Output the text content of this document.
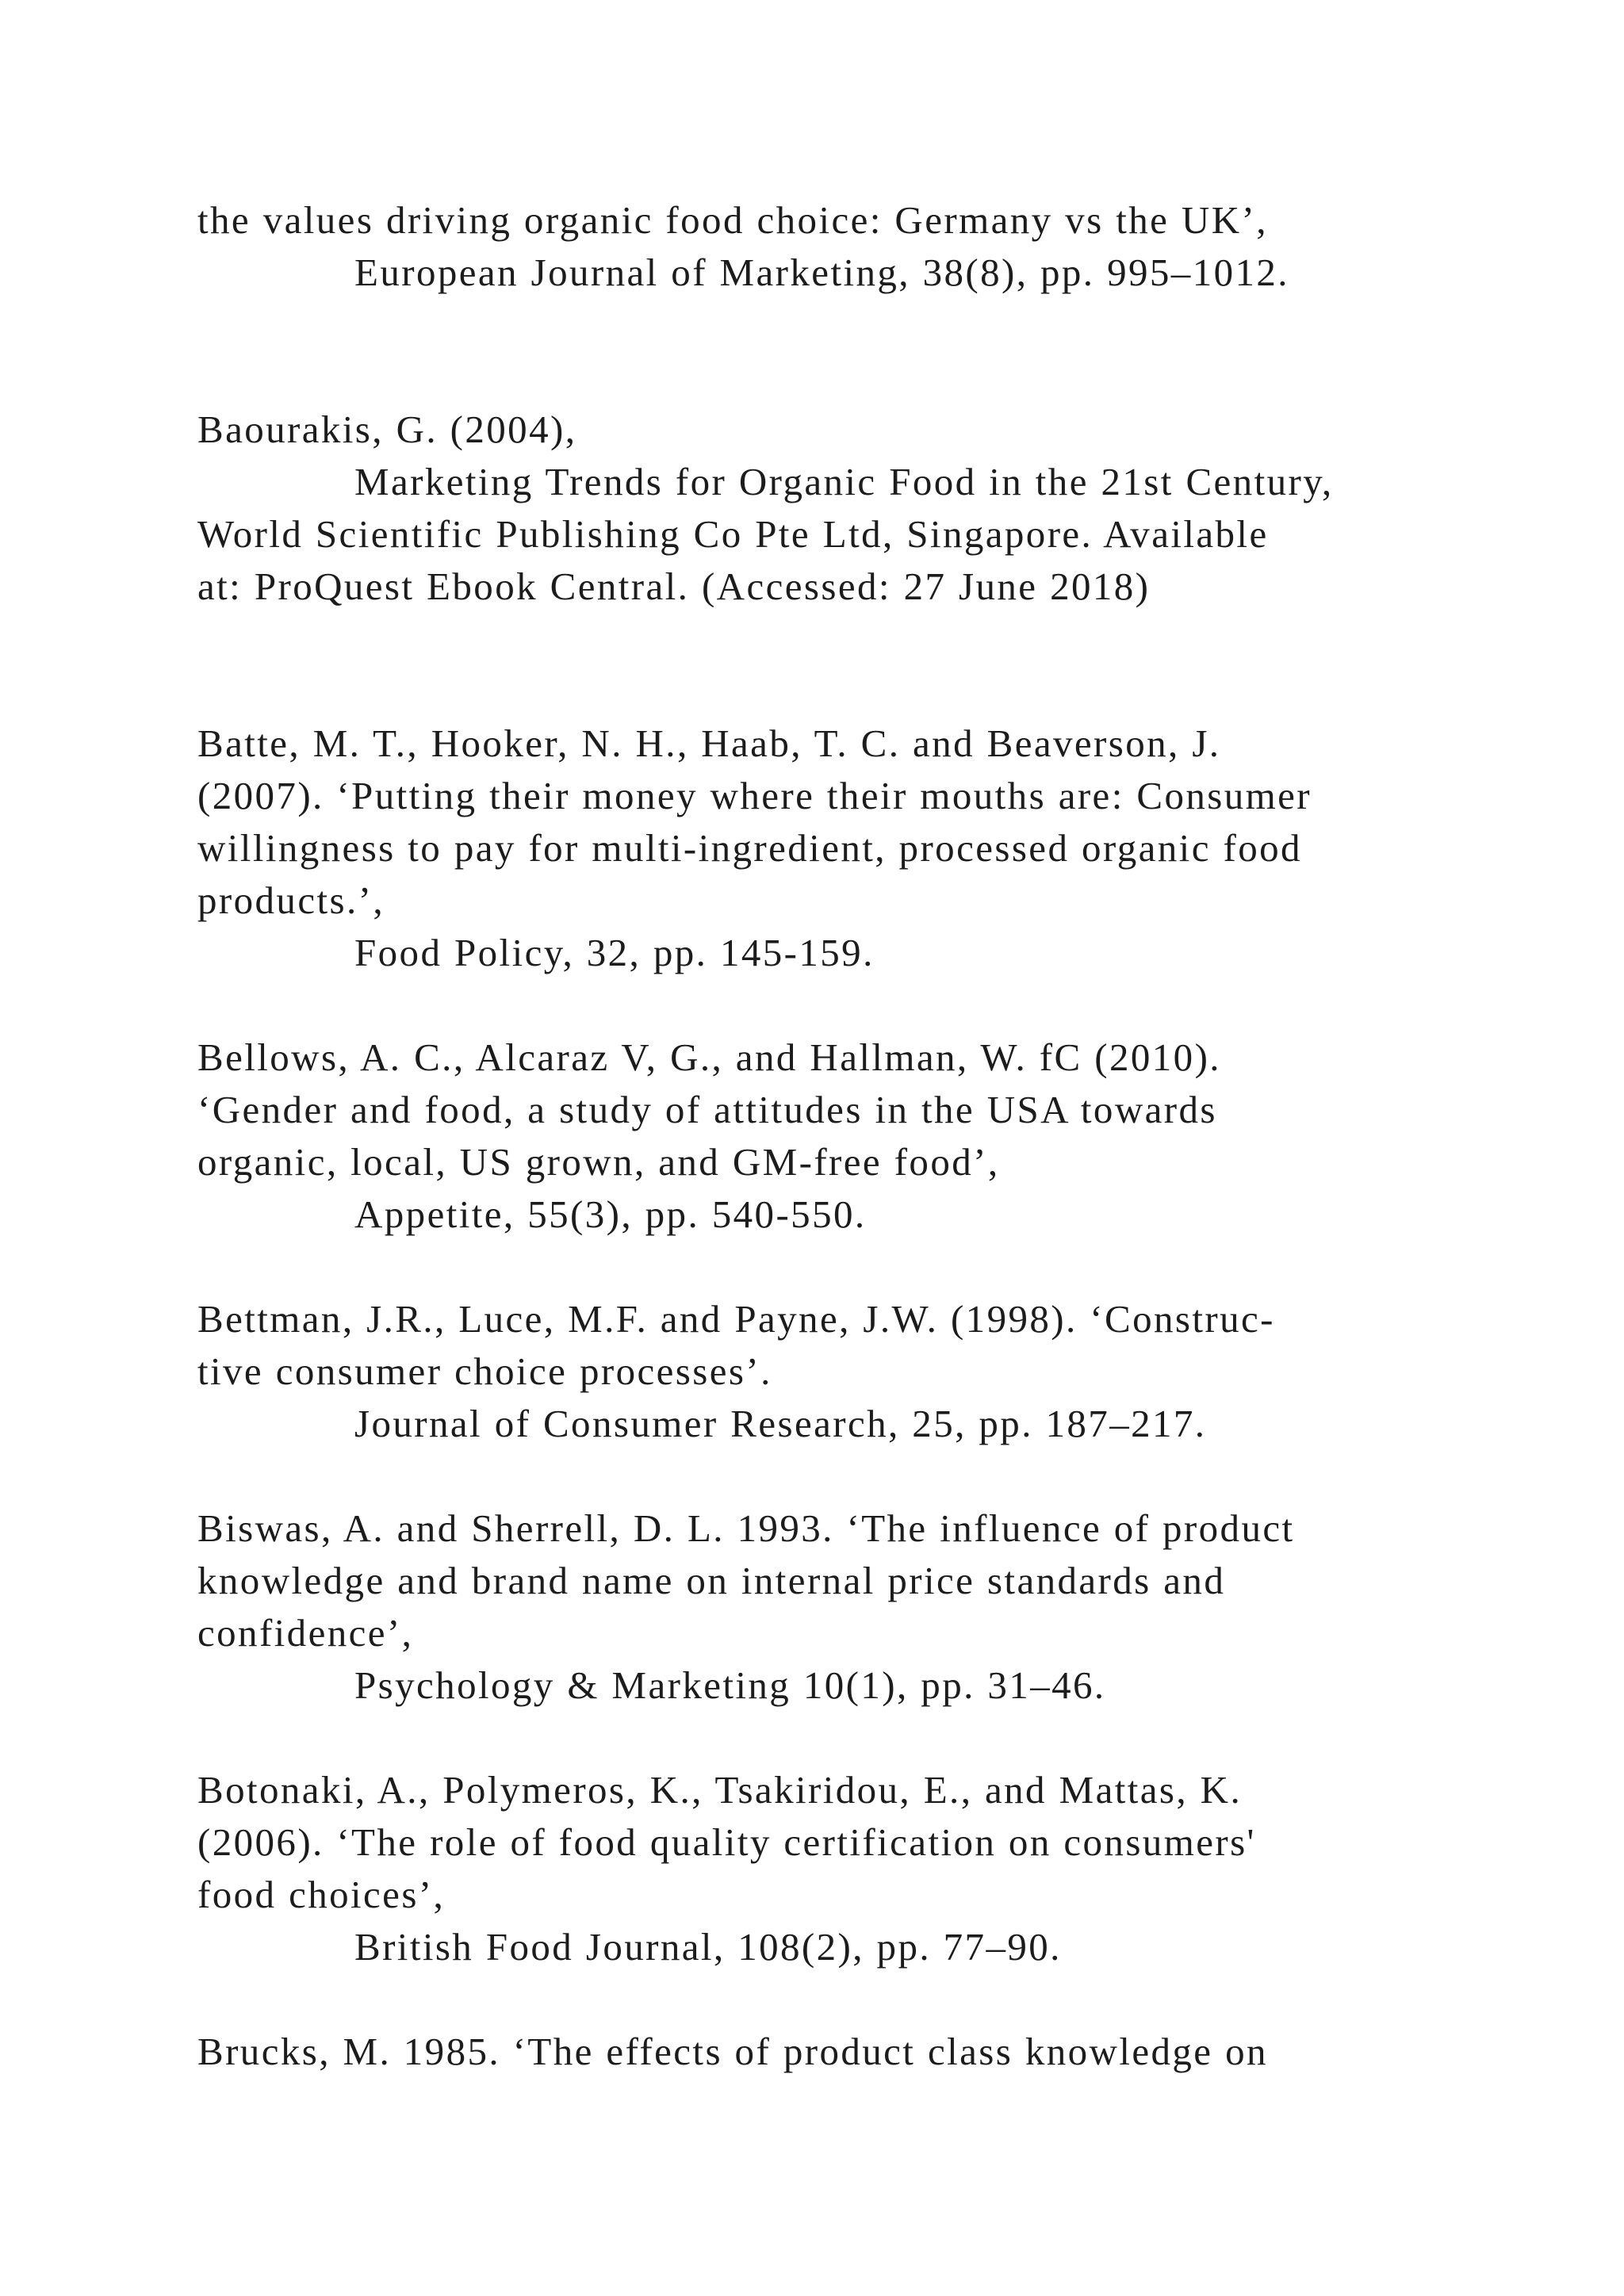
the values driving organic food choice: Germany vs the UK’,
European Journal of Marketing, 38(8), pp. 995–1012.
Baourakis, G. (2004),
Marketing Trends for Organic Food in the 21st Century,
World Scientific Publishing Co Pte Ltd, Singapore. Available
at: ProQuest Ebook Central. (Accessed: 27 June 2018)
Batte, M. T., Hooker, N. H., Haab, T. C. and Beaverson, J.
(2007). ‘Putting their money where their mouths are: Consumer
willingness to pay for multi-ingredient, processed organic food
products.’,
Food Policy, 32, pp. 145-159.
Bellows, A. C., Alcaraz V, G., and Hallman, W. fC (2010).
‘Gender and food, a study of attitudes in the USA towards
organic, local, US grown, and GM-free food’,
Appetite, 55(3), pp. 540-550.
Bettman, J.R., Luce, M.F. and Payne, J.W. (1998). ‘Construc-
tive consumer choice processes’.
Journal of Consumer Research, 25, pp. 187–217.
Biswas, A. and Sherrell, D. L. 1993. ‘The influence of product
knowledge and brand name on internal price standards and
confidence’,
Psychology & Marketing 10(1), pp. 31–46.
Botonaki, A., Polymeros, K., Tsakiridou, E., and Mattas, K.
(2006). ‘The role of food quality certification on consumers'
food choices’,
British Food Journal, 108(2), pp. 77–90.
Brucks, M. 1985. ‘The effects of product class knowledge on
